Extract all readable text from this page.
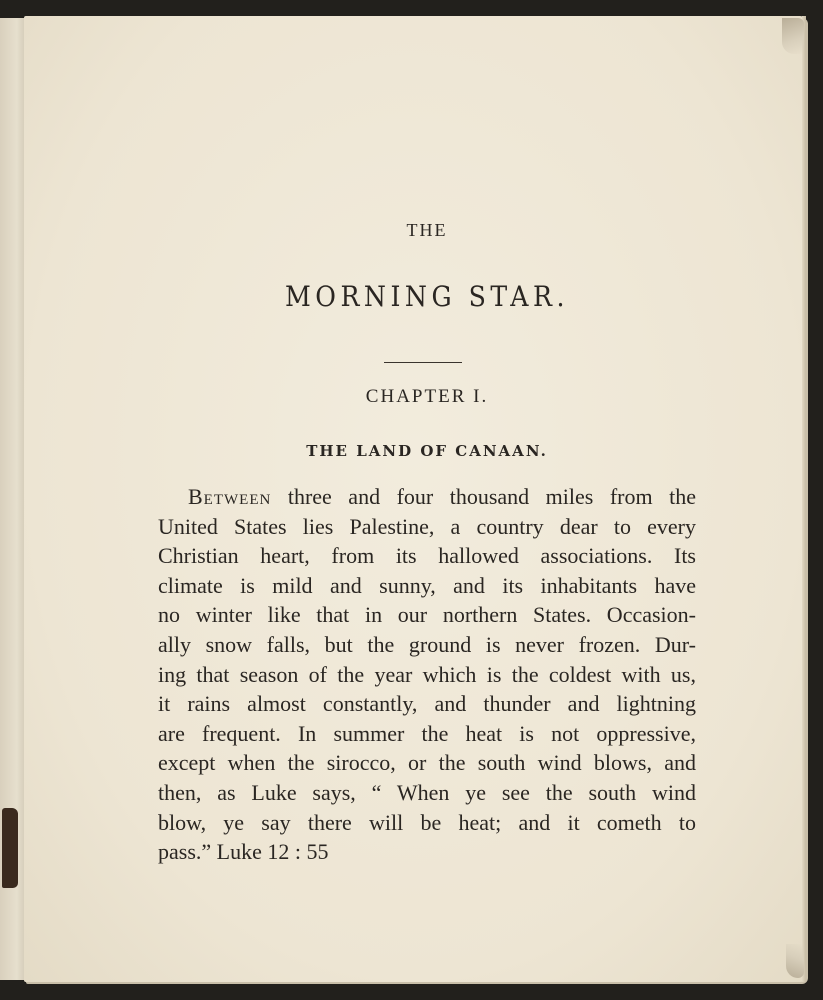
THE
MORNING STAR.
CHAPTER I.
THE LAND OF CANAAN.
Between three and four thousand miles from the
United States lies Palestine, a country dear to every
Christian heart, from its hallowed associations. Its
climate is mild and sunny, and its inhabitants have
no winter like that in our northern States. Occasion-
ally snow falls, but the ground is never frozen. Dur-
ing that season of the year which is the coldest with us,
it rains almost constantly, and thunder and lightning
are frequent. In summer the heat is not oppressive,
except when the sirocco, or the south wind blows, and
then, as Luke says, “ When ye see the south wind
blow, ye say there will be heat; and it cometh to
pass.” Luke 12 : 55
